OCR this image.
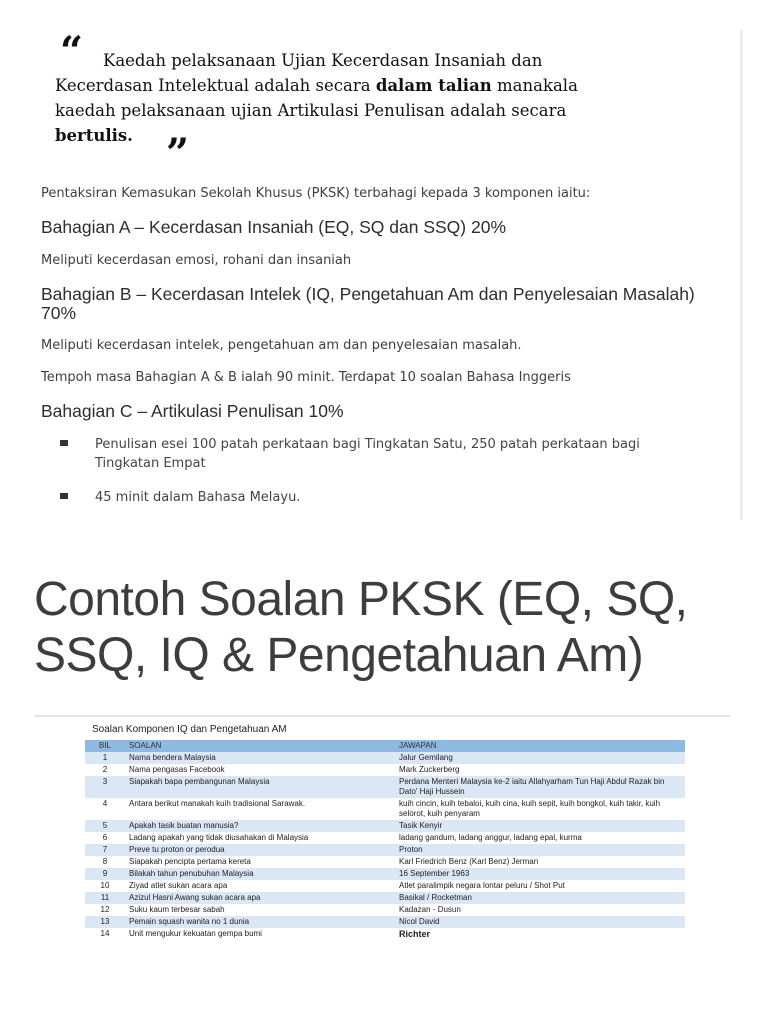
“	Kaedah pelaksanaan Ujian Kecerdasan Insaniah dan
Kecerdasan Intelektual adalah secara dalam talian manakala
kaedah pelaksanaan ujian Artikulasi Penulisan adalah secara
bertulis. ”
Pentaksiran Kemasukan Sekolah Khusus (PKSK) terbahagi kepada 3 komponen iaitu:
Bahagian A – Kecerdasan Insaniah (EQ, SQ dan SSQ) 20%
Meliputi kecerdasan emosi, rohani dan insaniah
Bahagian B – Kecerdasan Intelek (IQ, Pengetahuan Am dan Penyelesaian Masalah) 70%
Meliputi kecerdasan intelek, pengetahuan am dan penyelesaian masalah.
Tempoh masa Bahagian A & B ialah 90 minit. Terdapat 10 soalan Bahasa Inggeris
Bahagian C – Artikulasi Penulisan 10%
Penulisan esei 100 patah perkataan bagi Tingkatan Satu, 250 patah perkataan bagi Tingkatan Empat
45 minit dalam Bahasa Melayu.
Contoh Soalan PKSK (EQ, SQ, SSQ, IQ & Pengetahuan Am)
Soalan Komponen IQ dan Pengetahuan AM
BIL	SOALAN	JAWAPAN
1	Nama bendera Malaysia	Jalur Gemilang
2	Nama pengasas Facebook	Mark Zuckerberg
3	Siapakah bapa pembangunan Malaysia	Perdana Menteri Malaysia ke-2 iaitu Allahyarham Tun Haji Abdul Razak bin Dato' Haji Hussein
4	Antara berikut manakah kuih tradisional Sarawak.	kuih cincin, kuih tebaloi, kuih cina, kuih sepit, kuih bongkol, kuih takir, kuih selorot, kuih penyaram
5	Apakah tasik buatan manusia?	Tasik Kenyir
6	Ladang apakah yang tidak diusahakan di Malaysia	ladang gandum, ladang anggur, ladang epal, kurma
7	Preve tu proton or perodua	Proton
8	Siapakah pencipta pertama kereta	Karl Friedrich Benz (Karl Benz) Jerman
9	Bilakah tahun penubuhan Malaysia	16 September 1963
10	Ziyad atlet sukan acara apa	Atlet paralimpik negara lontar peluru / Shot Put
11	Azizul Hasni Awang sukan acara apa	Basikal / Rocketman
12	Suku kaum terbesar sabah	Kadazan - Dusun
13	Pemain squash wanita no 1 dunia	Nicol David
14	Unit mengukur kekuatan gempa bumi	Richter
